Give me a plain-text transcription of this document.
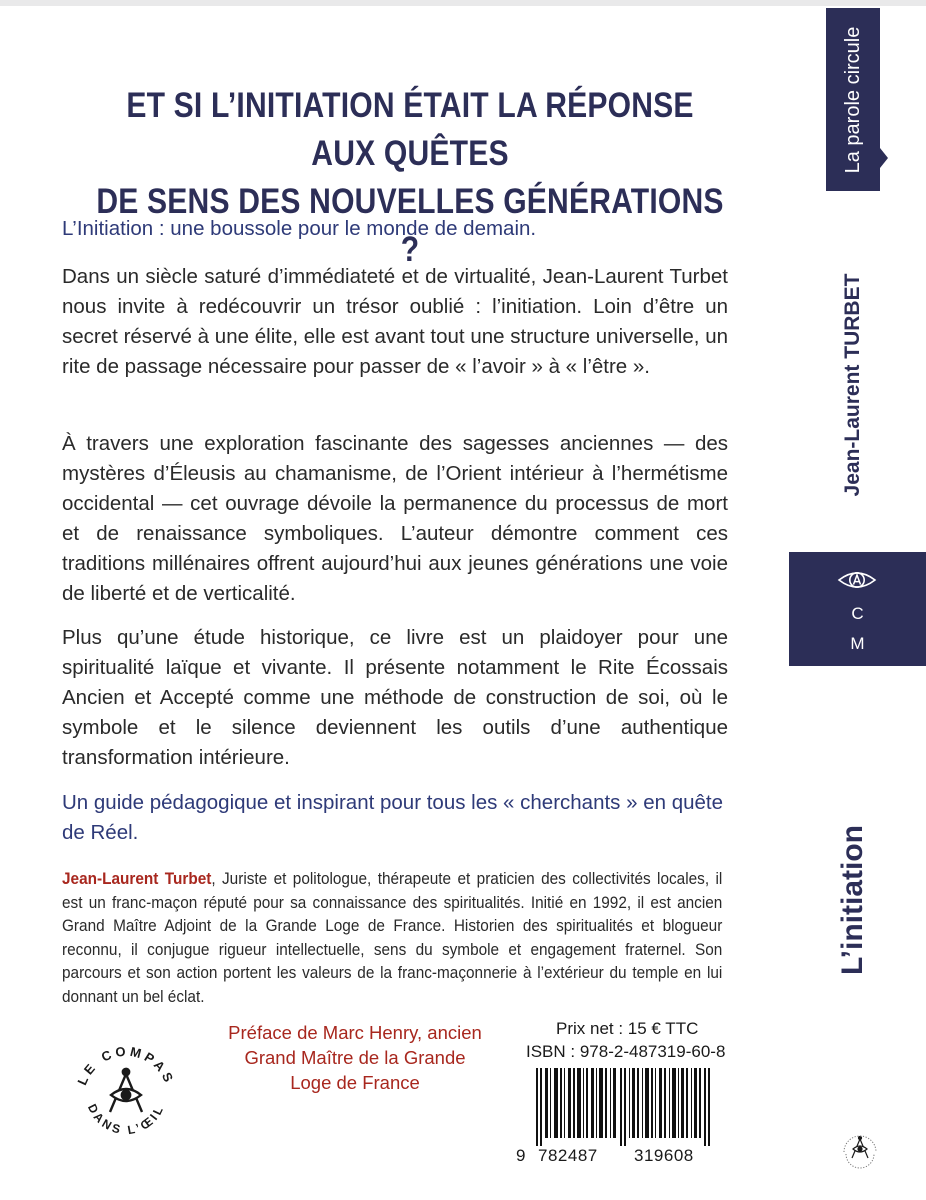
ET SI L’INITIATION ÉTAIT LA RÉPONSE AUX QUÊTES
DE SENS DES NOUVELLES GÉNÉRATIONS ?

L’Initiation : une boussole pour le monde de demain.

Dans un siècle saturé d’immédiateté et de virtualité, Jean-Laurent Turbet nous invite à redécouvrir un trésor oublié : l’initiation. Loin d’être un secret réservé à une élite, elle est avant tout une structure universelle, un rite de passage nécessaire pour passer de « l’avoir » à « l’être ».

À travers une exploration fascinante des sagesses anciennes — des mystères d’Éleusis au chamanisme, de l’Orient intérieur à l’hermétisme occidental — cet ouvrage dévoile la permanence du processus de mort et de renaissance symboliques. L’auteur démontre comment ces traditions millénaires offrent aujourd’hui aux jeunes générations une voie de liberté et de verticalité.

Plus qu’une étude historique, ce livre est un plaidoyer pour une spiritualité laïque et vivante. Il présente notamment le Rite Écossais Ancien et Accepté comme une méthode de construction de soi, où le symbole et le silence deviennent les outils d’une authentique transformation intérieure.

Un guide pédagogique et inspirant pour tous les « cherchants » en quête de Réel.

Jean-Laurent Turbet, Juriste et politologue, thérapeute et praticien des collectivités locales, il est un franc-maçon réputé pour sa connaissance des spiritualités. Initié en 1992, il est ancien Grand Maître Adjoint de la Grande Loge de France. Historien des spiritualités et blogueur reconnu, il conjugue rigueur intellectuelle, sens du symbole et engagement fraternel. Son parcours et son action portent les valeurs de la franc-maçonnerie à l’extérieur du temple en lui donnant un bel éclat.

LE COMPAS
DANS L’ŒIL

Préface de Marc Henry, ancien Grand Maître de la Grande Loge de France

Prix net : 15 € TTC
ISBN : 978-2-487319-60-8
9 782487 319608
La parole circule
Jean-Laurent TURBET
C
M
L’initiation
